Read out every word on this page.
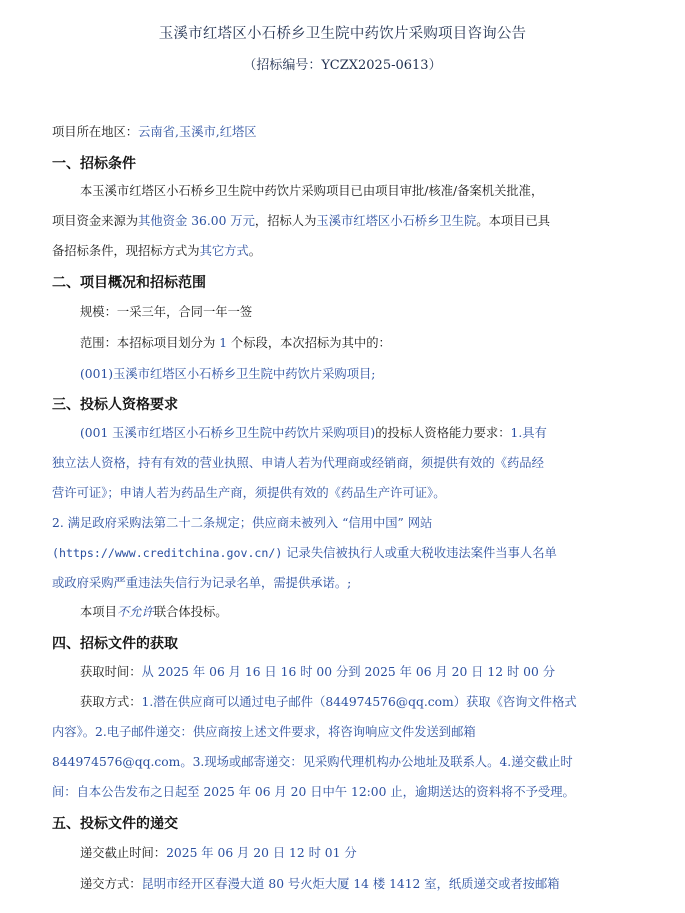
玉溪市红塔区小石桥乡卫生院中药饮片采购项目咨询公告
（招标编号：YCZX2025-0613）
项目所在地区：云南省,玉溪市,红塔区
一、招标条件
本玉溪市红塔区小石桥乡卫生院中药饮片采购项目已由项目审批/核准/备案机关批准，
项目资金来源为其他资金 36.00 万元，招标人为玉溪市红塔区小石桥乡卫生院。本项目已具
备招标条件，现招标方式为其它方式。
二、项目概况和招标范围
规模：一采三年，合同一年一签
范围：本招标项目划分为 1 个标段，本次招标为其中的：
(001)玉溪市红塔区小石桥乡卫生院中药饮片采购项目;
三、投标人资格要求
(001 玉溪市红塔区小石桥乡卫生院中药饮片采购项目)的投标人资格能力要求：1.具有
独立法人资格，持有有效的营业执照、申请人若为代理商或经销商，须提供有效的《药品经
营许可证》；申请人若为药品生产商，须提供有效的《药品生产许可证》。
2. 满足政府采购法第二十二条规定；供应商未被列入 “信用中国” 网站
(https://www.creditchina.gov.cn/) 记录失信被执行人或重大税收违法案件当事人名单
或政府采购严重违法失信行为记录名单，需提供承诺。;
本项目不允许联合体投标。
四、招标文件的获取
获取时间：从 2025 年 06 月 16 日 16 时 00 分到 2025 年 06 月 20 日 12 时 00 分
获取方式：1.潜在供应商可以通过电子邮件（844974576@qq.com）获取《咨询文件格式
内容》。2.电子邮件递交：供应商按上述文件要求，将咨询响应文件发送到邮箱
844974576@qq.com。3.现场或邮寄递交：见采购代理机构办公地址及联系人。4.递交截止时
间：自本公告发布之日起至 2025 年 06 月 20 日中午 12:00 止，逾期送达的资料将不予受理。
五、投标文件的递交
递交截止时间：2025 年 06 月 20 日 12 时 01 分
递交方式：昆明市经开区春漫大道 80 号火炬大厦 14 楼 1412 室，纸质递交或者按邮箱
